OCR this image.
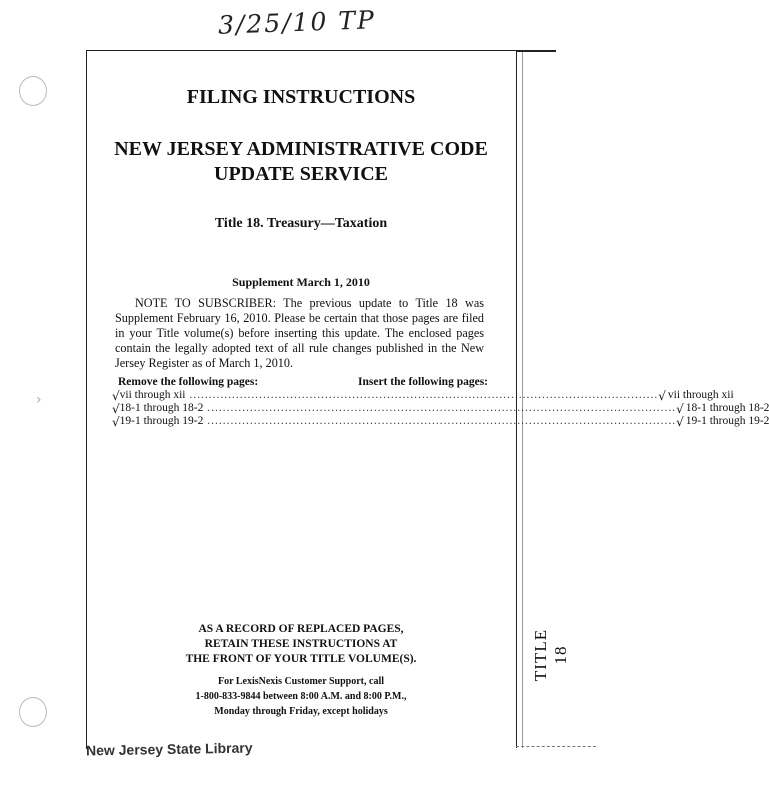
3/25/10 TP
›
TITLE 18
FILING INSTRUCTIONS
NEW JERSEY ADMINISTRATIVE CODE
UPDATE SERVICE
Title 18. Treasury—Taxation
Supplement March 1, 2010
NOTE TO SUBSCRIBER: The previous update to Title 18 was Supplement February 16, 2010. Please be certain that those pages are filed in your Title volume(s) before inserting this update. The enclosed pages contain the legally adopted text of all rule changes published in the New Jersey Register as of March 1, 2010.
Remove the following pages:	Insert the following pages:
√ vii through xii ......................................................................................................................... √ vii through xii
√ 18-1 through 18-2 ......................................................................................................................... √ 18-1 through 18-2
√ 19-1 through 19-2 ......................................................................................................................... √ 19-1 through 19-2
AS A RECORD OF REPLACED PAGES,
RETAIN THESE INSTRUCTIONS AT
THE FRONT OF YOUR TITLE VOLUME(S).
For LexisNexis Customer Support, call
1-800-833-9844 between 8:00 A.M. and 8:00 P.M.,
Monday through Friday, except holidays
New Jersey State Library
